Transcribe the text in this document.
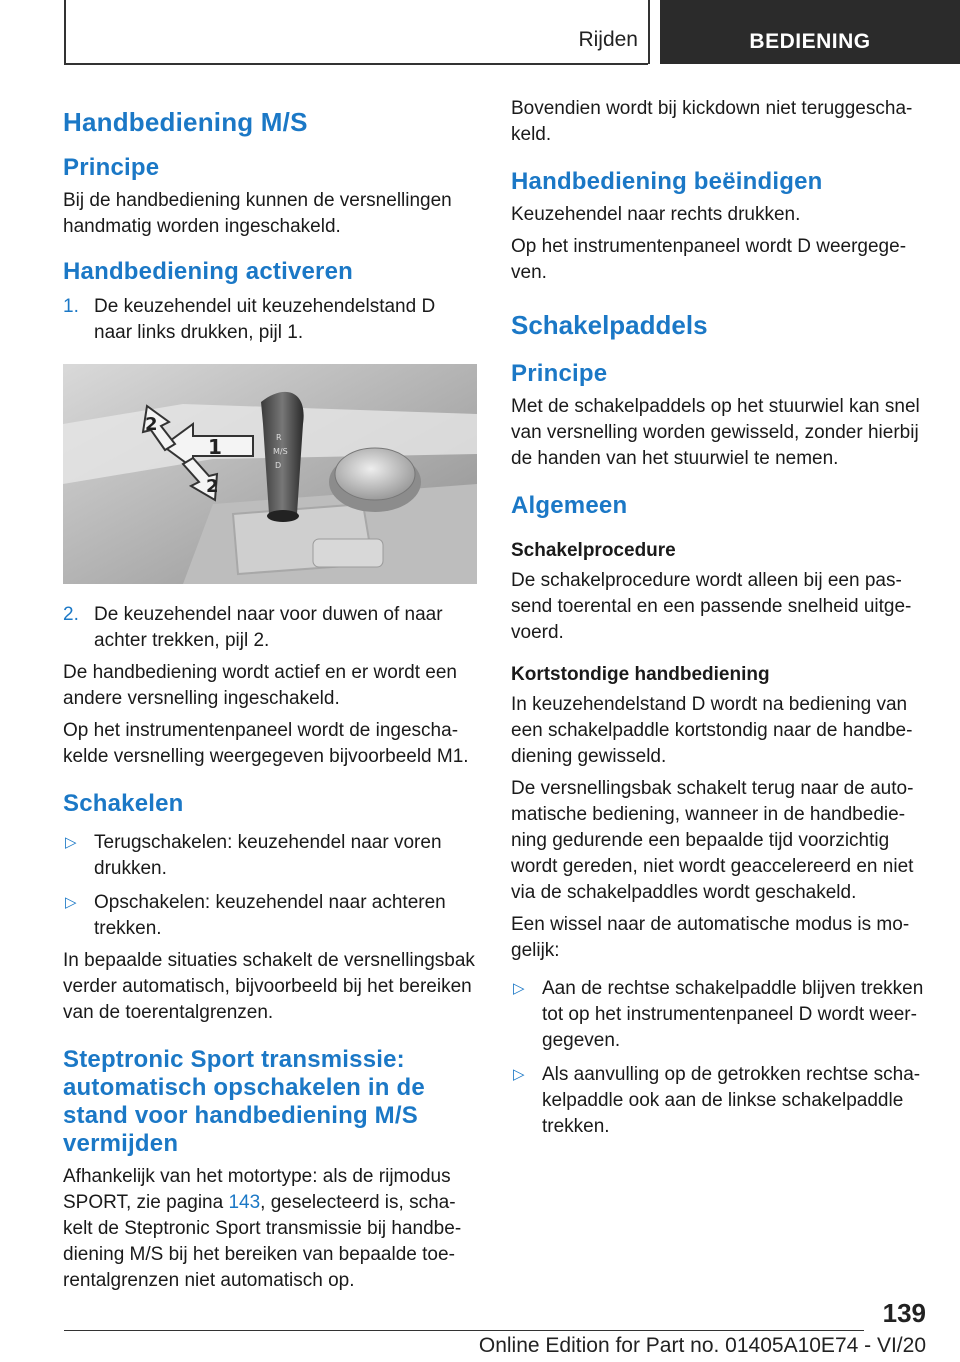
Rijden	BEDIENING
Handbediening M/S
Principe

Bij de handbediening kunnen de versnellingen handmatig worden ingeschakeld.

Handbediening activeren
1. De keuzehendel uit keuzehendelstand D naar links drukken, pijl 1.
M/S
D
R
1
2
2
2. De keuzehendel naar voor duwen of naar achter trekken, pijl 2.

De handbediening wordt actief en er wordt een andere versnelling ingeschakeld.

Op het instrumentenpaneel wordt de ingeschakelde versnelling weergegeven bijvoorbeeld M1.

Schakelen
▷ Terugschakelen: keuzehendel naar voren drukken.
▷ Opschakelen: keuzehendel naar achteren trekken.

In bepaalde situaties schakelt de versnellingsbak verder automatisch, bijvoorbeeld bij het bereiken van de toerentalgrenzen.

Steptronic Sport transmissie: automatisch opschakelen in de stand voor handbediening M/S vermijden

Afhankelijk van het motortype: als de rijmodus SPORT, zie pagina 143, geselecteerd is, schakelt de Steptronic Sport transmissie bij handbediening M/S bij het bereiken van bepaalde toerentalgrenzen niet automatisch op.

Bovendien wordt bij kickdown niet teruggeschakeld.

Handbediening beëindigen

Keuzehendel naar rechts drukken.

Op het instrumentenpaneel wordt D weergegeven.

Schakelpaddels
Principe

Met de schakelpaddels op het stuurwiel kan snel van versnelling worden gewisseld, zonder hierbij de handen van het stuurwiel te nemen.

Algemeen
Schakelprocedure

De schakelprocedure wordt alleen bij een passend toerental en een passende snelheid uitgevoerd.

Kortstondige handbediening

In keuzehendelstand D wordt na bediening van een schakelpaddle kortstondig naar de handbediening gewisseld.

De versnellingsbak schakelt terug naar de automatische bediening, wanneer in de handbediening gedurende een bepaalde tijd voorzichtig wordt gereden, niet wordt geaccelereerd en niet via de schakelpaddles wordt geschakeld.

Een wissel naar de automatische modus is mogelijk:

▷ Aan de rechtse schakelpaddle blijven trekken tot op het instrumentenpaneel D wordt weergegeven.
▷ Als aanvulling op de getrokken rechtse schakelpaddle ook aan de linkse schakelpaddle trekken.
139
Online Edition for Part no. 01405A10E74 - VI/20
